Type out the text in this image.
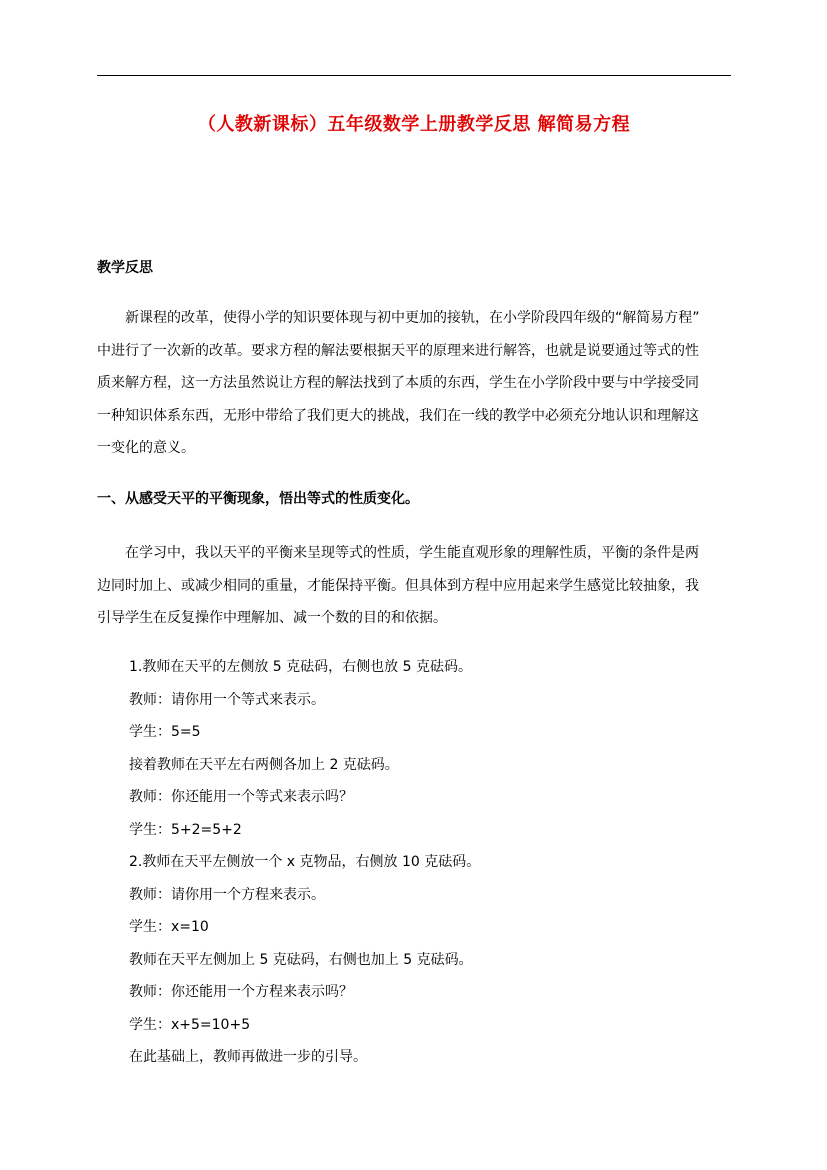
（人教新课标）五年级数学上册教学反思 解简易方程
教学反思
　　新课程的改革，使得小学的知识要体现与初中更加的接轨，在小学阶段四年级的“解简易方程”
中进行了一次新的改革。要求方程的解法要根据天平的原理来进行解答，也就是说要通过等式的性
质来解方程，这一方法虽然说让方程的解法找到了本质的东西，学生在小学阶段中要与中学接受同
一种知识体系东西，无形中带给了我们更大的挑战，我们在一线的教学中必须充分地认识和理解这
一变化的意义。
一、从感受天平的平衡现象，悟出等式的性质变化。
　　在学习中，我以天平的平衡来呈现等式的性质，学生能直观形象的理解性质，平衡的条件是两
边同时加上、或减少相同的重量，才能保持平衡。但具体到方程中应用起来学生感觉比较抽象，我
引导学生在反复操作中理解加、减一个数的目的和依据。
1.教师在天平的左侧放 5 克砝码，右侧也放 5 克砝码。
教师：请你用一个等式来表示。
学生：5=5
接着教师在天平左右两侧各加上 2 克砝码。
教师：你还能用一个等式来表示吗？
学生：5+2=5+2
2.教师在天平左侧放一个 x 克物品，右侧放 10 克砝码。
教师：请你用一个方程来表示。
学生：x=10
教师在天平左侧加上 5 克砝码，右侧也加上 5 克砝码。
教师：你还能用一个方程来表示吗？
学生：x+5=10+5
在此基础上，教师再做进一步的引导。
